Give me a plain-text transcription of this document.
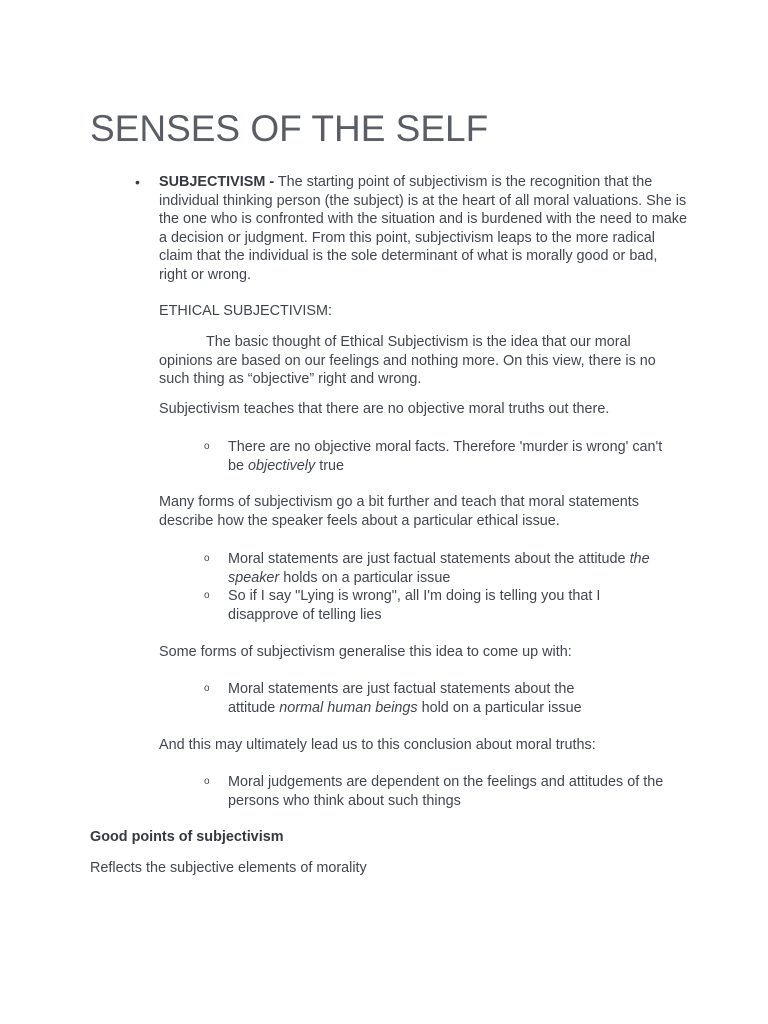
SENSES OF THE SELF
• SUBJECTIVISM - The starting point of subjectivism is the recognition that the individual thinking person (the subject) is at the heart of all moral valuations. She is the one who is confronted with the situation and is burdened with the need to make a decision or judgment. From this point, subjectivism leaps to the more radical claim that the individual is the sole determinant of what is morally good or bad, right or wrong.

ETHICAL SUBJECTIVISM:

The basic thought of Ethical Subjectivism is the idea that our moral opinions are based on our feelings and nothing more. On this view, there is no such thing as “objective” right and wrong.

Subjectivism teaches that there are no objective moral truths out there.

o There are no objective moral facts. Therefore 'murder is wrong' can't be objectively true

Many forms of subjectivism go a bit further and teach that moral statements describe how the speaker feels about a particular ethical issue.

o Moral statements are just factual statements about the attitude the speaker holds on a particular issue

o So if I say "Lying is wrong", all I'm doing is telling you that I disapprove of telling lies

Some forms of subjectivism generalise this idea to come up with:

o Moral statements are just factual statements about the attitude normal human beings hold on a particular issue

And this may ultimately lead us to this conclusion about moral truths:

o Moral judgements are dependent on the feelings and attitudes of the persons who think about such things

Good points of subjectivism

Reflects the subjective elements of morality
